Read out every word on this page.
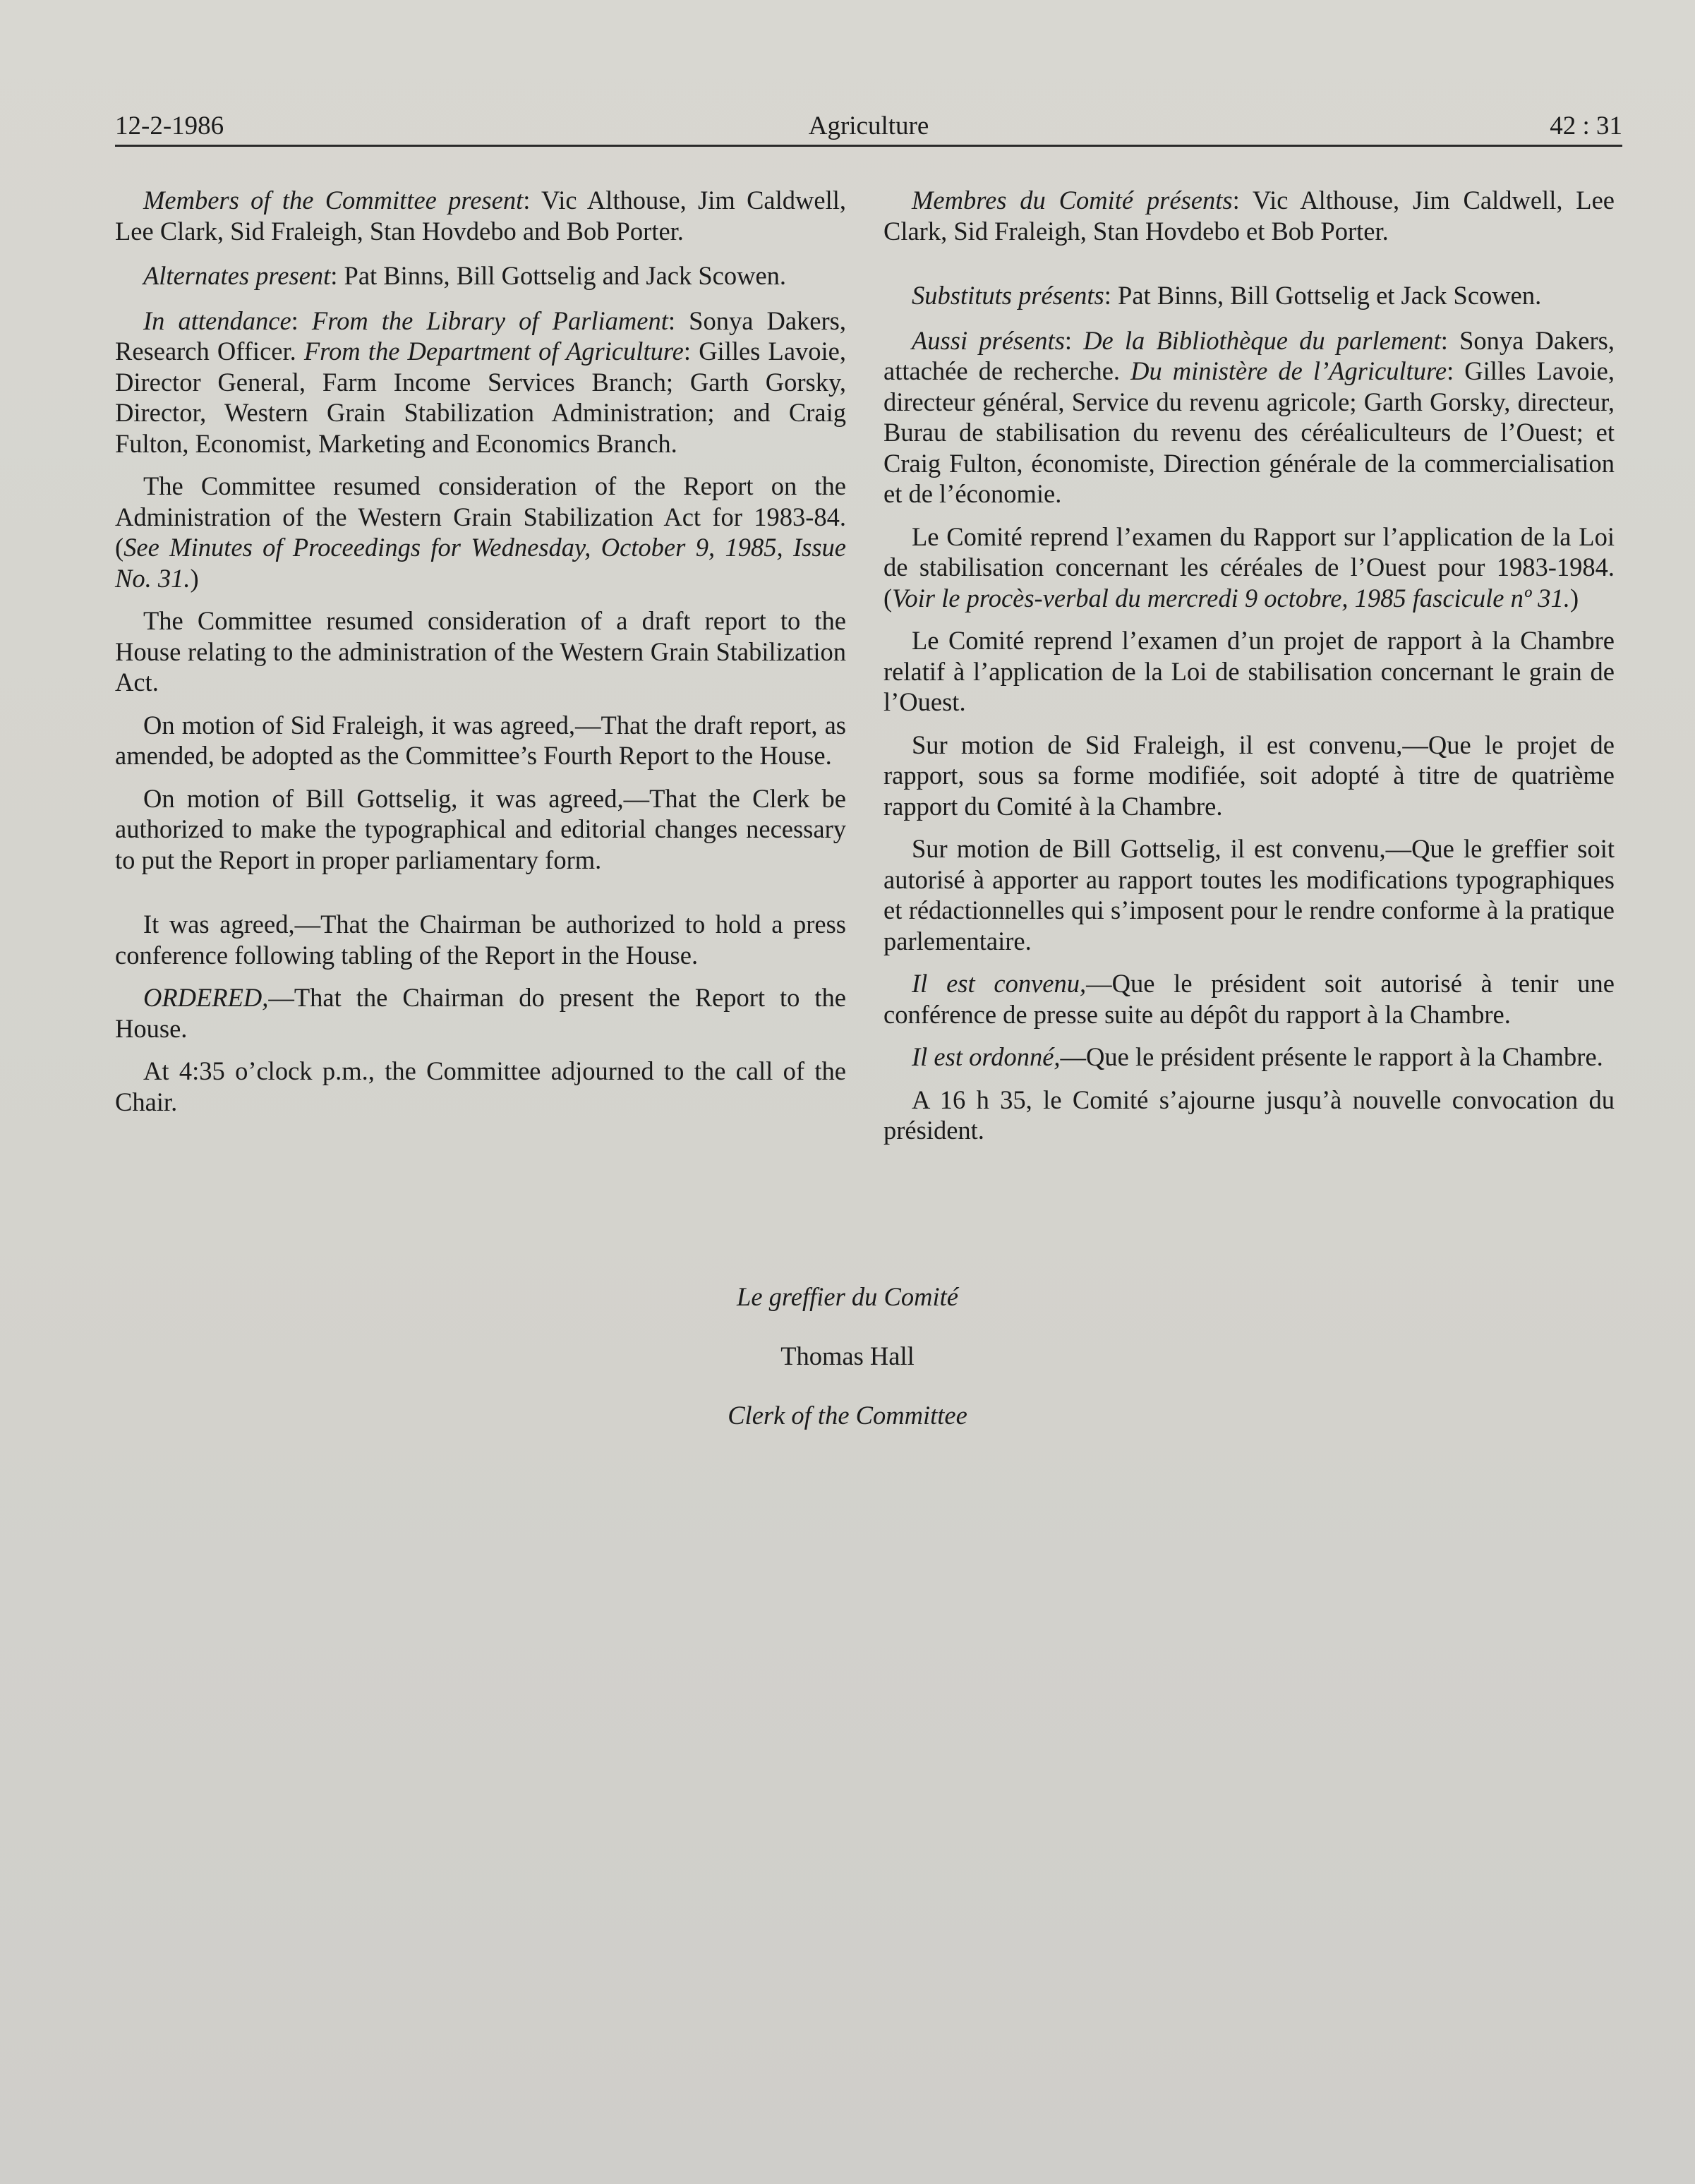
12-2-1986	Agriculture	42 : 31

Members of the Committee present: Vic Althouse, Jim Caldwell, Lee Clark, Sid Fraleigh, Stan Hovdebo and Bob Porter.

Alternates present: Pat Binns, Bill Gottselig and Jack Scowen.

In attendance: From the Library of Parliament: Sonya Dakers, Research Officer. From the Department of Agriculture: Gilles Lavoie, Director General, Farm Income Services Branch; Garth Gorsky, Director, Western Grain Stabilization Administration; and Craig Fulton, Economist, Marketing and Economics Branch.

The Committee resumed consideration of the Report on the Administration of the Western Grain Stabilization Act for 1983-84. (See Minutes of Proceedings for Wednesday, October 9, 1985, Issue No. 31.)

The Committee resumed consideration of a draft report to the House relating to the administration of the Western Grain Stabilization Act.

On motion of Sid Fraleigh, it was agreed,—That the draft report, as amended, be adopted as the Committee’s Fourth Report to the House.

On motion of Bill Gottselig, it was agreed,—That the Clerk be authorized to make the typographical and editorial changes necessary to put the Report in proper parliamentary form.

It was agreed,—That the Chairman be authorized to hold a press conference following tabling of the Report in the House.

ORDERED,—That the Chairman do present the Report to the House.

At 4:35 o’clock p.m., the Committee adjourned to the call of the Chair.

Membres du Comité présents: Vic Althouse, Jim Caldwell, Lee Clark, Sid Fraleigh, Stan Hovdebo et Bob Porter.

Substituts présents: Pat Binns, Bill Gottselig et Jack Scowen.

Aussi présents: De la Bibliothèque du parlement: Sonya Dakers, attachée de recherche. Du ministère de l’Agriculture: Gilles Lavoie, directeur général, Service du revenu agricole; Garth Gorsky, directeur, Burau de stabilisation du revenu des céréaliculteurs de l’Ouest; et Craig Fulton, économiste, Direction générale de la commercialisation et de l’économie.

Le Comité reprend l’examen du Rapport sur l’application de la Loi de stabilisation concernant les céréales de l’Ouest pour 1983-1984. (Voir le procès-verbal du mercredi 9 octobre, 1985 fascicule nº 31.)

Le Comité reprend l’examen d’un projet de rapport à la Chambre relatif à l’application de la Loi de stabilisation concernant le grain de l’Ouest.

Sur motion de Sid Fraleigh, il est convenu,—Que le projet de rapport, sous sa forme modifiée, soit adopté à titre de quatrième rapport du Comité à la Chambre.

Sur motion de Bill Gottselig, il est convenu,—Que le greffier soit autorisé à apporter au rapport toutes les modifications typographiques et rédactionnelles qui s’imposent pour le rendre conforme à la pratique parlementaire.

Il est convenu,—Que le président soit autorisé à tenir une conférence de presse suite au dépôt du rapport à la Chambre.

Il est ordonné,—Que le président présente le rapport à la Chambre.

A 16 h 35, le Comité s’ajourne jusqu’à nouvelle convocation du président.

Le greffier du Comité
Thomas Hall
Clerk of the Committee
